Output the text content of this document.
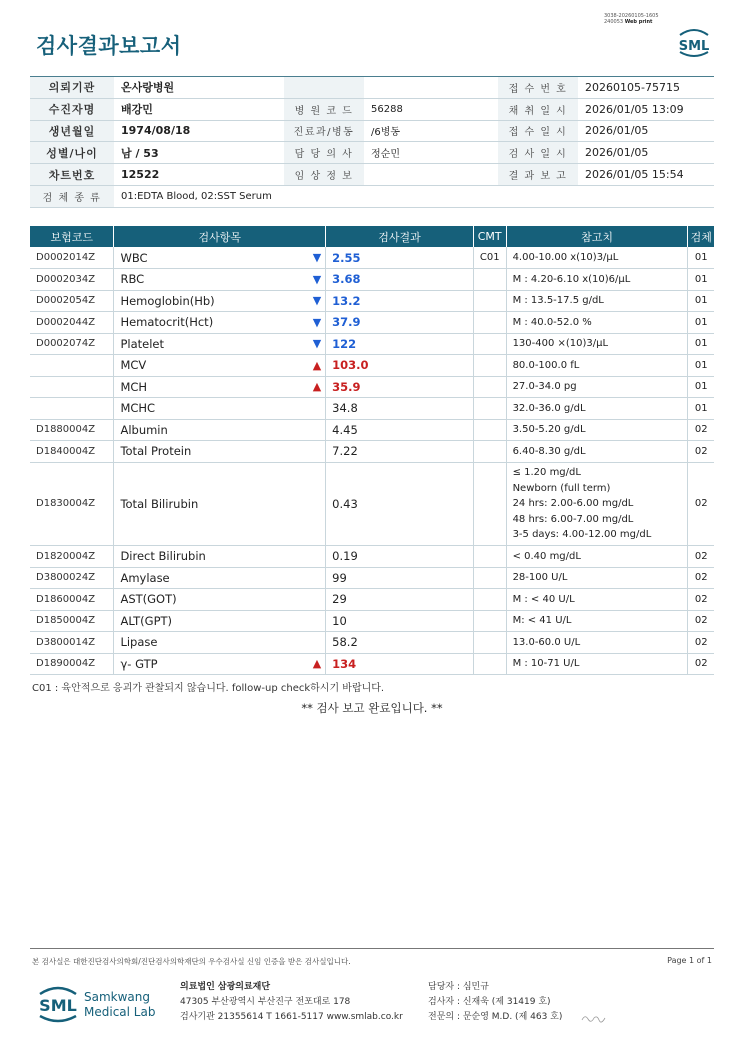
검사결과보고서
3038-20260105-1605
240053 Web print
SML
의뢰기관	온사랑병원			접 수 번 호	20260105-75715
수진자명	배강민	병 원 코 드	56288	채 취 일 시	2026/01/05 13:09
생년월일	1974/08/18	진료과/병동	/6병동	접 수 일 시	2026/01/05
성별/나이	남 / 53	담 당 의 사	정순민	검 사 일 시	2026/01/05
차트번호	12522	임 상 정 보		결 과 보 고	2026/01/05 15:54
검 체 종 류	01:EDTA Blood, 02:SST Serum				
보험코드	검사항목		검사결과	CMT	참고치	검체
D0002014Z	WBC	▼	2.55	C01	4.00-10.00 x(10)3/μL	01
D0002034Z	RBC	▼	3.68		M : 4.20-6.10 x(10)6/μL	01
D0002054Z	Hemoglobin(Hb)	▼	13.2		M : 13.5-17.5 g/dL	01
D0002044Z	Hematocrit(Hct)	▼	37.9		M : 40.0-52.0 %	01
D0002074Z	Platelet	▼	122		130-400 ×(10)3/μL	01
	MCV	▲	103.0		80.0-100.0 fL	01
	MCH	▲	35.9		27.0-34.0 pg	01
	MCHC		34.8		32.0-36.0 g/dL	01
D1880004Z	Albumin		4.45		3.50-5.20 g/dL	02
D1840004Z	Total Protein		7.22		6.40-8.30 g/dL	02
D1830004Z	Total Bilirubin		0.43		≤ 1.20 mg/dL
Newborn (full term)
24 hrs: 2.00-6.00 mg/dL
48 hrs: 6.00-7.00 mg/dL
3-5 days: 4.00-12.00 mg/dL	02
D1820004Z	Direct Bilirubin		0.19		< 0.40 mg/dL	02
D3800024Z	Amylase		99		28-100 U/L	02
D1860004Z	AST(GOT)		29		M : < 40 U/L	02
D1850004Z	ALT(GPT)		10		M: < 41 U/L	02
D3800014Z	Lipase		58.2		13.0-60.0 U/L	02
D1890004Z	γ- GTP	▲	134		M : 10-71 U/L	02
C01 : 육안적으로 응괴가 관찰되지 않습니다. follow-up check하시기 바랍니다.
** 검사 보고 완료입니다. **
본 검사실은 대한진단검사의학회/진단검사의학재단의 우수검사실 신임 인증을 받은 검사실입니다.	Page 1 of 1
SML Samkwang
Medical Lab
의료법인 삼광의료재단
47305 부산광역시 부산진구 전포대로 178
검사기관 21355614 T 1661-5117 www.smlab.co.kr
담당자 : 심민규
검사자 : 신재욱 (제 31419 호)
전문의 : 문순영 M.D. (제 463 호)
